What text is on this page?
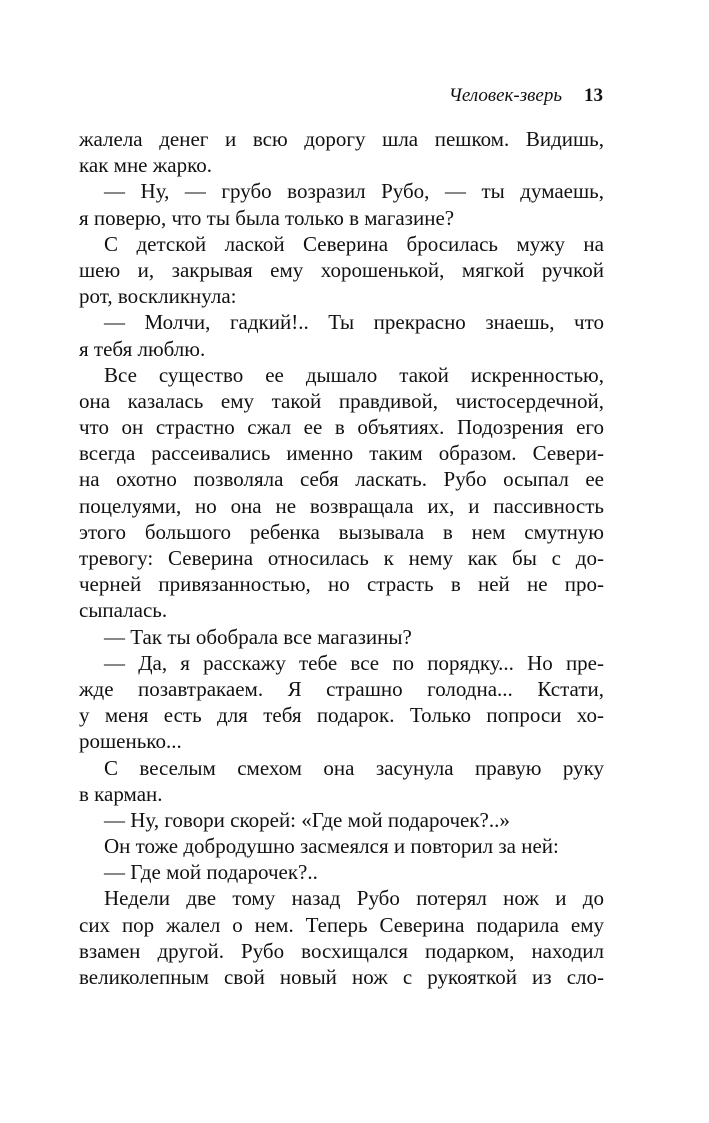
Человек-зверь 13
жалела денег и всю дорогу шла пешком. Видишь,
как мне жарко.
— Ну, — грубо возразил Рубо, — ты думаешь,
я поверю, что ты была только в магазине?
С детской лаской Северина бросилась мужу на
шею и, закрывая ему хорошенькой, мягкой ручкой
рот, воскликнула:
— Молчи, гадкий!.. Ты прекрасно знаешь, что
я тебя люблю.
Все существо ее дышало такой искренностью,
она казалась ему такой правдивой, чистосердечной,
что он страстно сжал ее в объятиях. Подозрения его
всегда рассеивались именно таким образом. Севери-
на охотно позволяла себя ласкать. Рубо осыпал ее
поцелуями, но она не возвращала их, и пассивность
этого большого ребенка вызывала в нем смутную
тревогу: Северина относилась к нему как бы с до-
черней привязанностью, но страсть в ней не про-
сыпалась.
— Так ты обобрала все магазины?
— Да, я расскажу тебе все по порядку... Но пре-
жде позавтракаем. Я страшно голодна... Кстати,
у меня есть для тебя подарок. Только попроси хо-
рошенько...
С веселым смехом она засунула правую руку
в карман.
— Ну, говори скорей: «Где мой подарочек?..»
Он тоже добродушно засмеялся и повторил за ней:
— Где мой подарочек?..
Недели две тому назад Рубо потерял нож и до
сих пор жалел о нем. Теперь Северина подарила ему
взамен другой. Рубо восхищался подарком, находил
великолепным свой новый нож с рукояткой из сло-
